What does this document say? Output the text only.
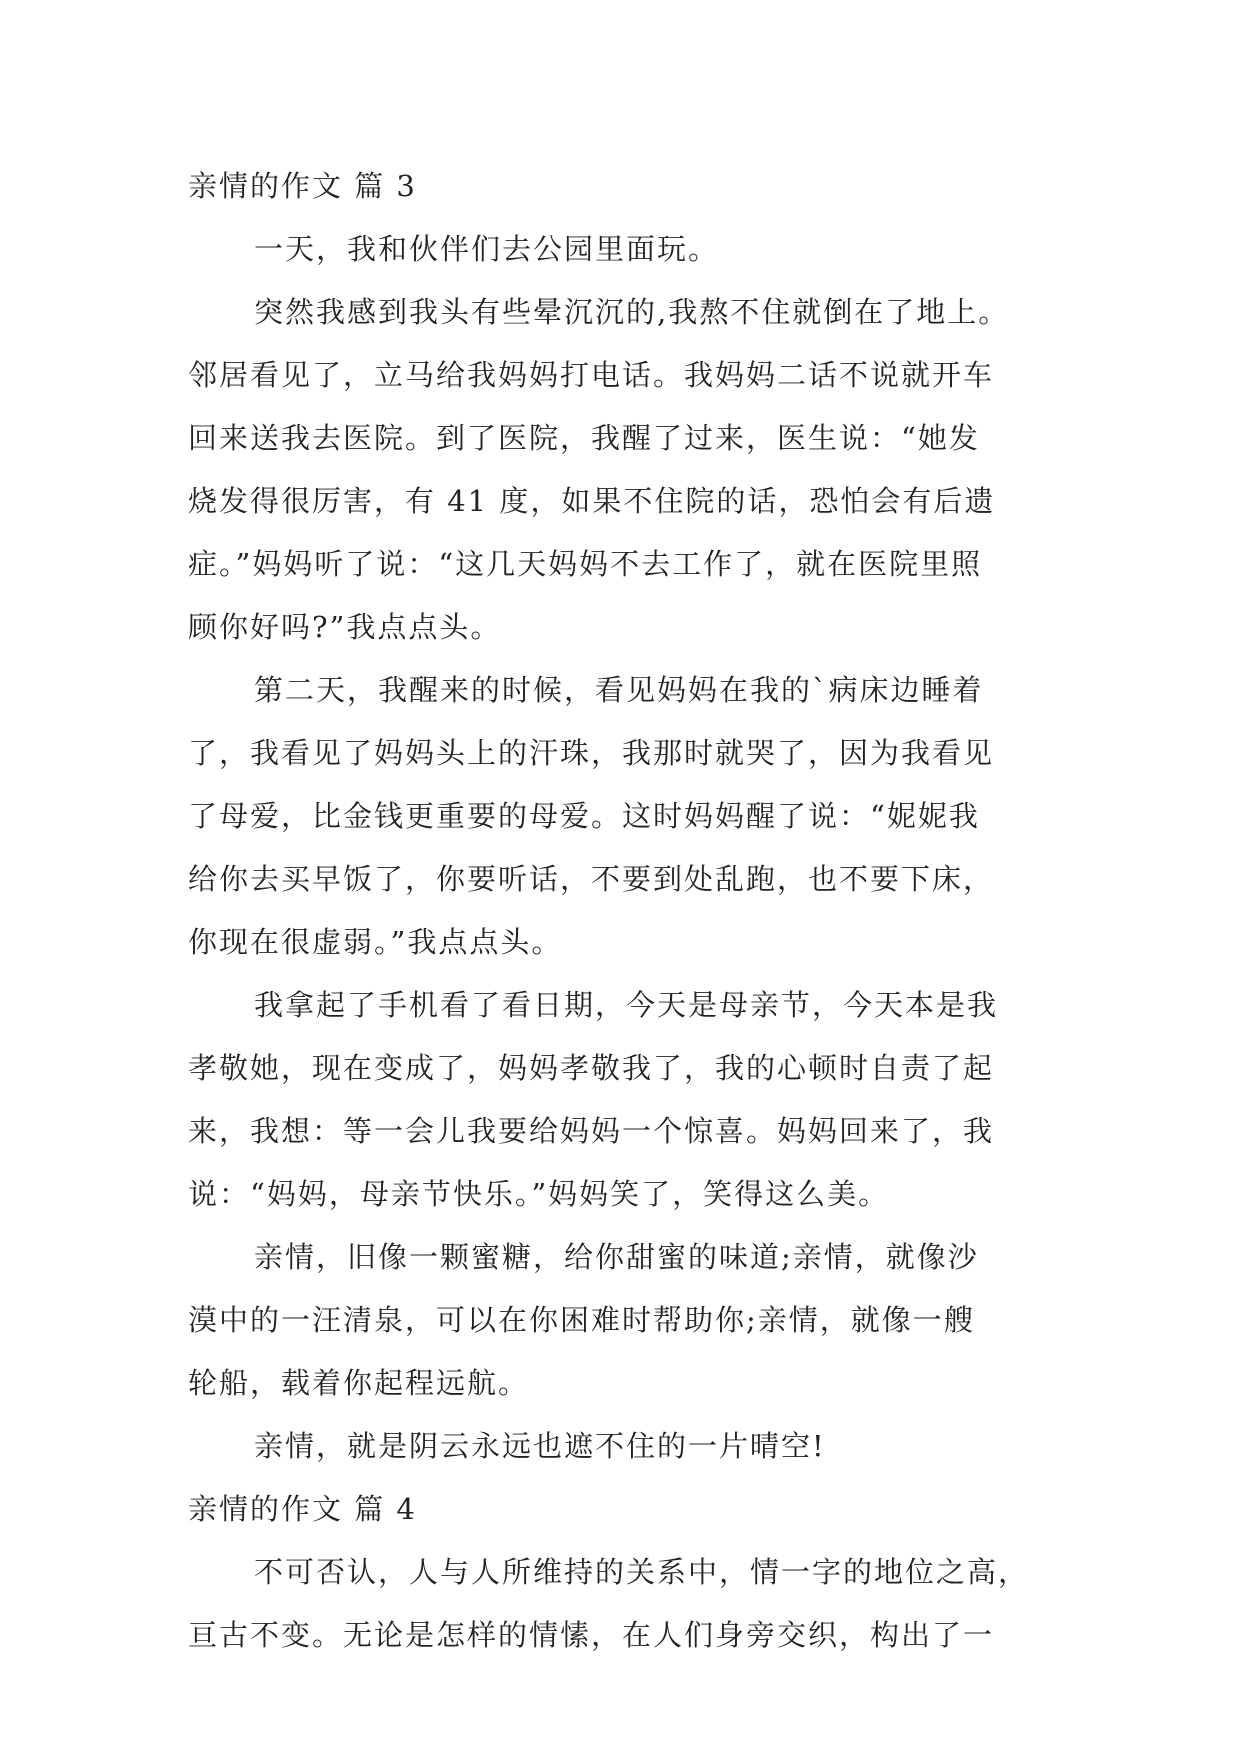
亲情的作文 篇 3
一天，我和伙伴们去公园里面玩。
突然我感到我头有些晕沉沉的,我熬不住就倒在了地上。
邻居看见了，立马给我妈妈打电话。我妈妈二话不说就开车
回来送我去医院。到了医院，我醒了过来，医生说：“她发
烧发得很厉害，有 41 度，如果不住院的话，恐怕会有后遗
症。”妈妈听了说：“这几天妈妈不去工作了，就在医院里照
顾你好吗?”我点点头。
第二天，我醒来的时候，看见妈妈在我的`病床边睡着
了，我看见了妈妈头上的汗珠，我那时就哭了，因为我看见
了母爱，比金钱更重要的母爱。这时妈妈醒了说：“妮妮我
给你去买早饭了，你要听话，不要到处乱跑，也不要下床，
你现在很虚弱。”我点点头。
我拿起了手机看了看日期，今天是母亲节，今天本是我
孝敬她，现在变成了，妈妈孝敬我了，我的心顿时自责了起
来，我想：等一会儿我要给妈妈一个惊喜。妈妈回来了，我
说：“妈妈，母亲节快乐。”妈妈笑了，笑得这么美。
亲情，旧像一颗蜜糖，给你甜蜜的味道;亲情，就像沙
漠中的一汪清泉，可以在你困难时帮助你;亲情，就像一艘
轮船，载着你起程远航。
亲情，就是阴云永远也遮不住的一片晴空!
亲情的作文 篇 4
不可否认，人与人所维持的关系中，情一字的地位之高，
亘古不变。无论是怎样的情愫，在人们身旁交织，构出了一
